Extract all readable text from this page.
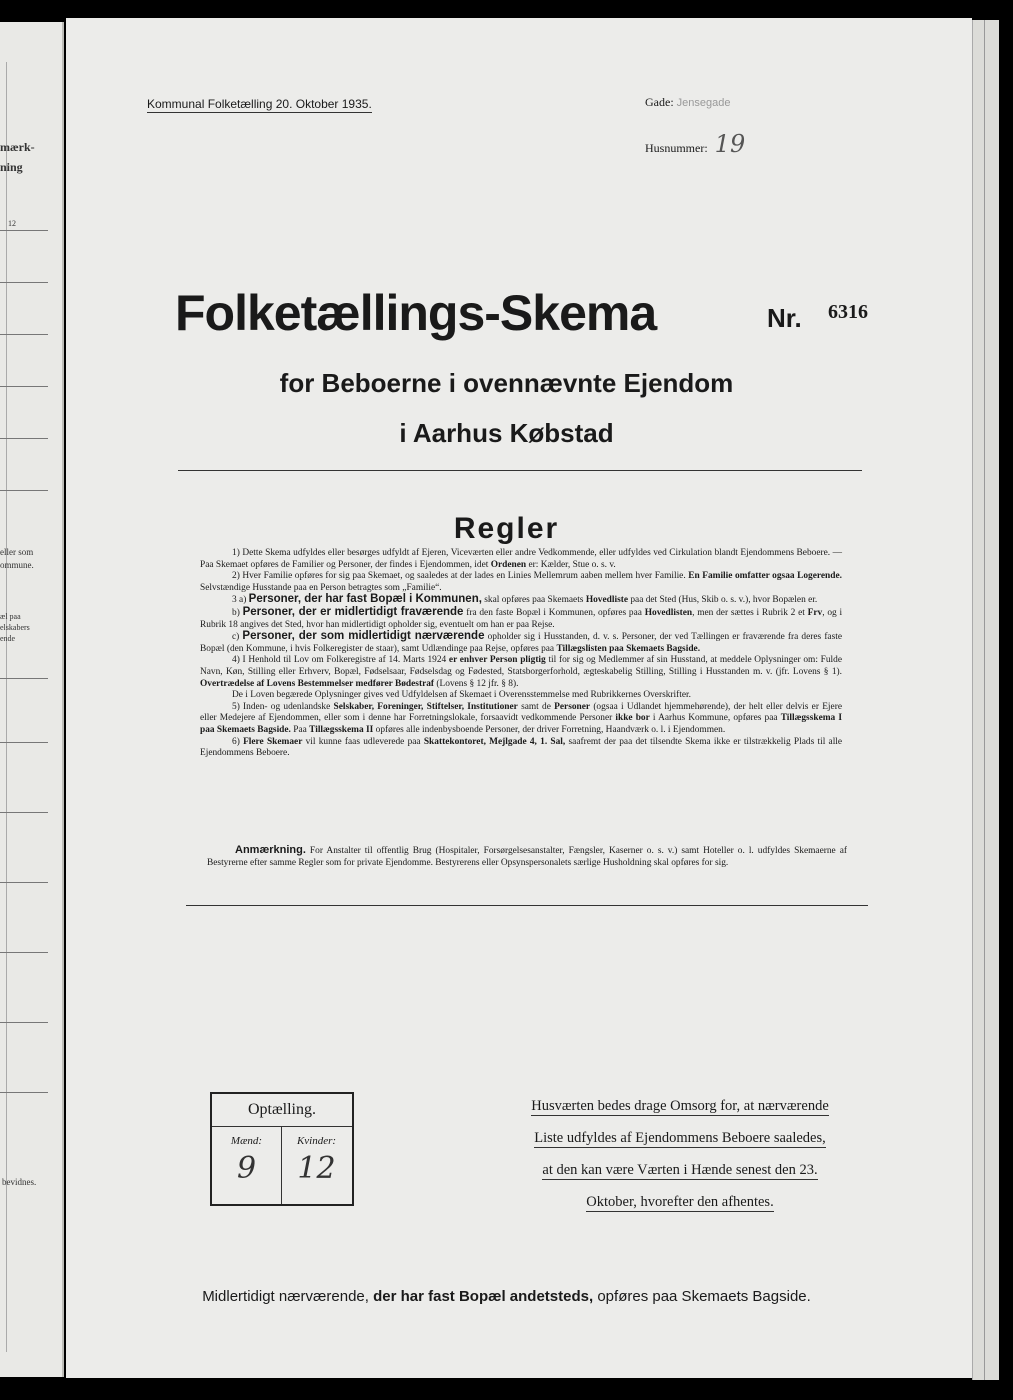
mærk-
ning
12
eller som
ommune.
æl paa
elskabers
ende
bevidnes.
Kommunal Folketælling 20. Oktober 1935.	Gade: Jensegade
Husnummer: 19
Folketællings-Skema	Nr. 6316
for Beboerne i ovennævnte Ejendom
i Aarhus Købstad
Regler

1) Dette Skema udfyldes eller besørges udfyldt af Ejeren, Viceværten eller andre Vedkommende, eller udfyldes ved Cirkulation blandt Ejendommens Beboere. — Paa Skemaet opføres de Familier og Personer, der findes i Ejendommen, idet Ordenen er: Kælder, Stue o. s. v.

2) Hver Familie opføres for sig paa Skemaet, og saaledes at der lades en Linies Mellemrum aaben mellem hver Familie. En Familie omfatter ogsaa Logerende. Selvstændige Husstande paa en Person betragtes som „Familie“.

3 a) Personer, der har fast Bopæl i Kommunen, skal opføres paa Skemaets Hovedliste paa det Sted (Hus, Skib o. s. v.), hvor Bopælen er.

b) Personer, der er midlertidigt fraværende fra den faste Bopæl i Kommunen, opføres paa Hovedlisten, men der sættes i Rubrik 2 et Frv, og i Rubrik 18 angives det Sted, hvor han midlertidigt opholder sig, eventuelt om han er paa Rejse.

c) Personer, der som midlertidigt nærværende opholder sig i Husstanden, d. v. s. Personer, der ved Tællingen er fraværende fra deres faste Bopæl (den Kommune, i hvis Folkeregister de staar), samt Udlændinge paa Rejse, opføres paa Tillægslisten paa Skemaets Bagside.

4) I Henhold til Lov om Folkeregistre af 14. Marts 1924 er enhver Person pligtig til for sig og Medlemmer af sin Husstand, at meddele Oplysninger om: Fulde Navn, Køn, Stilling eller Erhverv, Bopæl, Fødselsaar, Fødselsdag og Fødested, Statsborgerforhold, ægteskabelig Stilling, Stilling i Husstanden m. v. (jfr. Lovens § 1). Overtrædelse af Lovens Bestemmelser medfører Bødestraf (Lovens § 12 jfr. § 8).

De i Loven begærede Oplysninger gives ved Udfyldelsen af Skemaet i Overensstemmelse med Rubrikkernes Overskrifter.

5) Inden- og udenlandske Selskaber, Foreninger, Stiftelser, Institutioner samt de Personer (ogsaa i Udlandet hjemmehørende), der helt eller delvis er Ejere eller Medejere af Ejendommen, eller som i denne har Forretningslokale, forsaavidt vedkommende Personer ikke bor i Aarhus Kommune, opføres paa Tillægsskema I paa Skemaets Bagside. Paa Tillægsskema II opføres alle indenbysboende Personer, der driver Forretning, Haandværk o. l. i Ejendommen.

6) Flere Skemaer vil kunne faas udleverede paa Skattekontoret, Mejlgade 4, 1. Sal, saafremt der paa det tilsendte Skema ikke er tilstrækkelig Plads til alle Ejendommens Beboere.

Anmærkning. For Anstalter til offentlig Brug (Hospitaler, Forsørgelsesanstalter, Fængsler, Kaserner o. s. v.) samt Hoteller o. l. udfyldes Skemaerne af Bestyrerne efter samme Regler som for private Ejendomme. Bestyrerens eller Opsynspersonalets særlige Husholdning skal opføres for sig.
Optælling.
Mænd:
9
Kvinder:
12
Husværten bedes drage Omsorg for, at nærværende
Liste udfyldes af Ejendommens Beboere saaledes,
at den kan være Værten i Hænde senest den 23.
Oktober, hvorefter den afhentes.
Midlertidigt nærværende, der har fast Bopæl andetsteds, opføres paa Skemaets Bagside.
